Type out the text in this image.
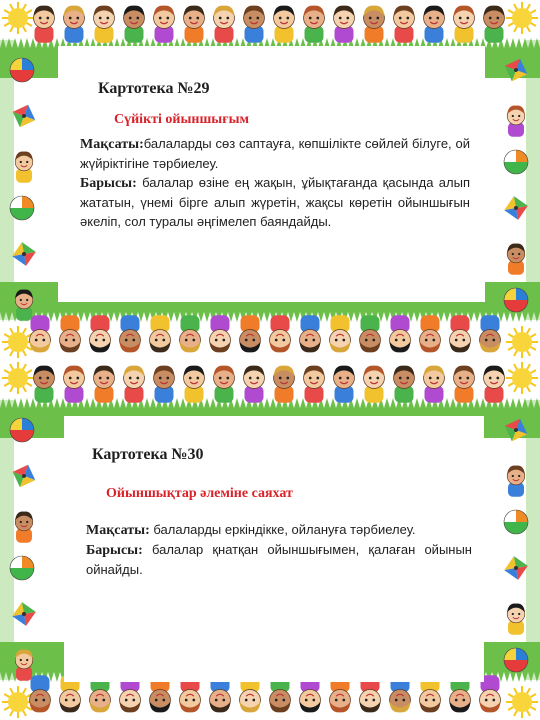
Картотека №29
Сүйікті ойыншығым

Мақсаты:балаларды сөз саптауға, көпшілікте сөйлей білуге, ой жүйріктігіне тәрбиелеу.

Барысы: балалар өзіне ең жақын, ұйықтағанда қасында алып жататын, үнемі бірге алып жүретін, жақсы көретін ойыншығын әкеліп, сол туралы әңгімелеп баяндайды.

Картотека №30
Ойыншықтар әлеміне саяхат

Мақсаты: балаларды еркіндікке, ойлануға тәрбиелеу.

Барысы: балалар қнатқан ойыншығымен, қалаған ойынын ойнайды.
